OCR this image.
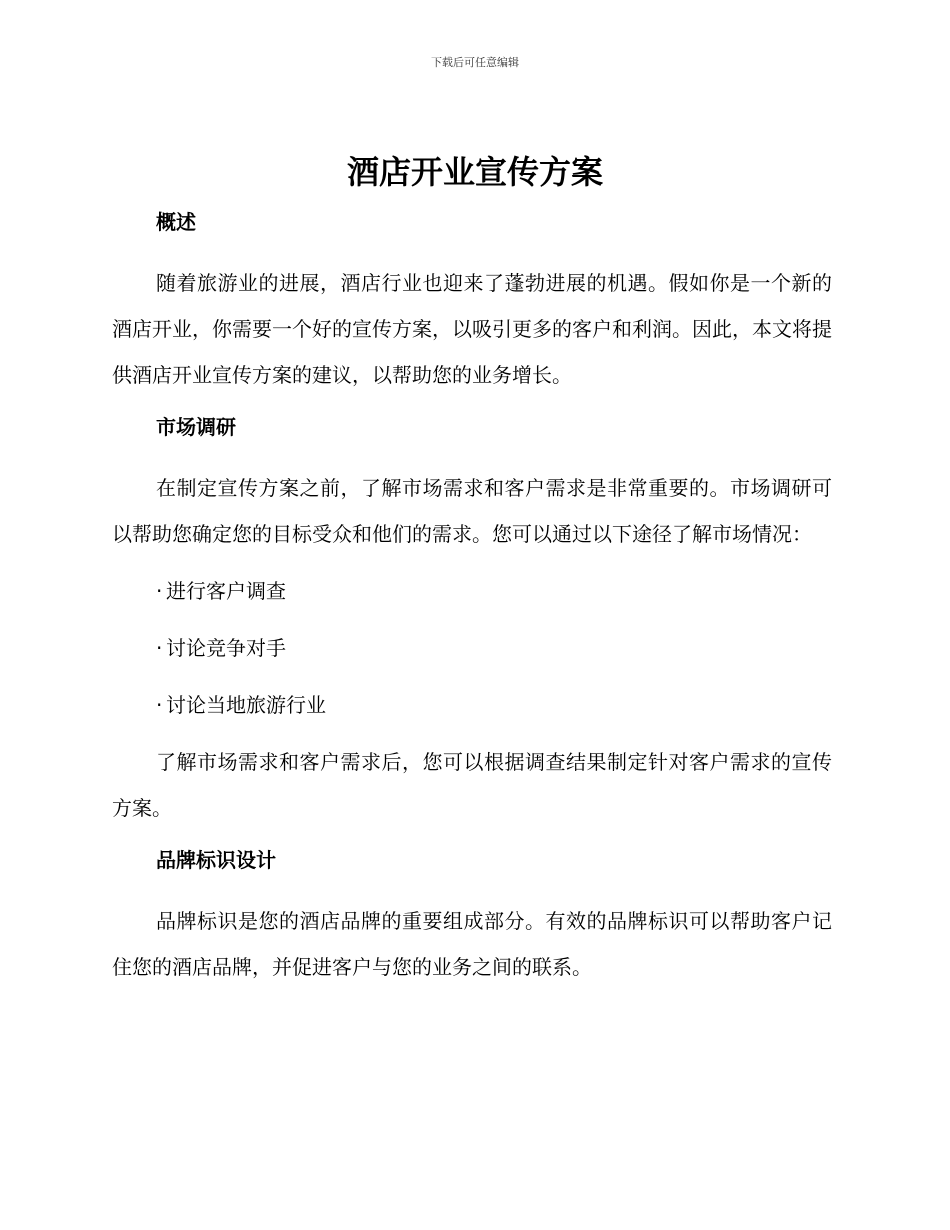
下载后可任意编辑
酒店开业宣传方案
概述

随着旅游业的进展，酒店行业也迎来了蓬勃进展的机遇。假如你是一个新的酒店开业，你需要一个好的宣传方案，以吸引更多的客户和利润。因此，本文将提供酒店开业宣传方案的建议，以帮助您的业务增长。

市场调研

在制定宣传方案之前，了解市场需求和客户需求是非常重要的。市场调研可以帮助您确定您的目标受众和他们的需求。您可以通过以下途径了解市场情况：

· 进行客户调查

· 讨论竞争对手

· 讨论当地旅游行业

了解市场需求和客户需求后，您可以根据调查结果制定针对客户需求的宣传方案。

品牌标识设计

品牌标识是您的酒店品牌的重要组成部分。有效的品牌标识可以帮助客户记住您的酒店品牌，并促进客户与您的业务之间的联系。
